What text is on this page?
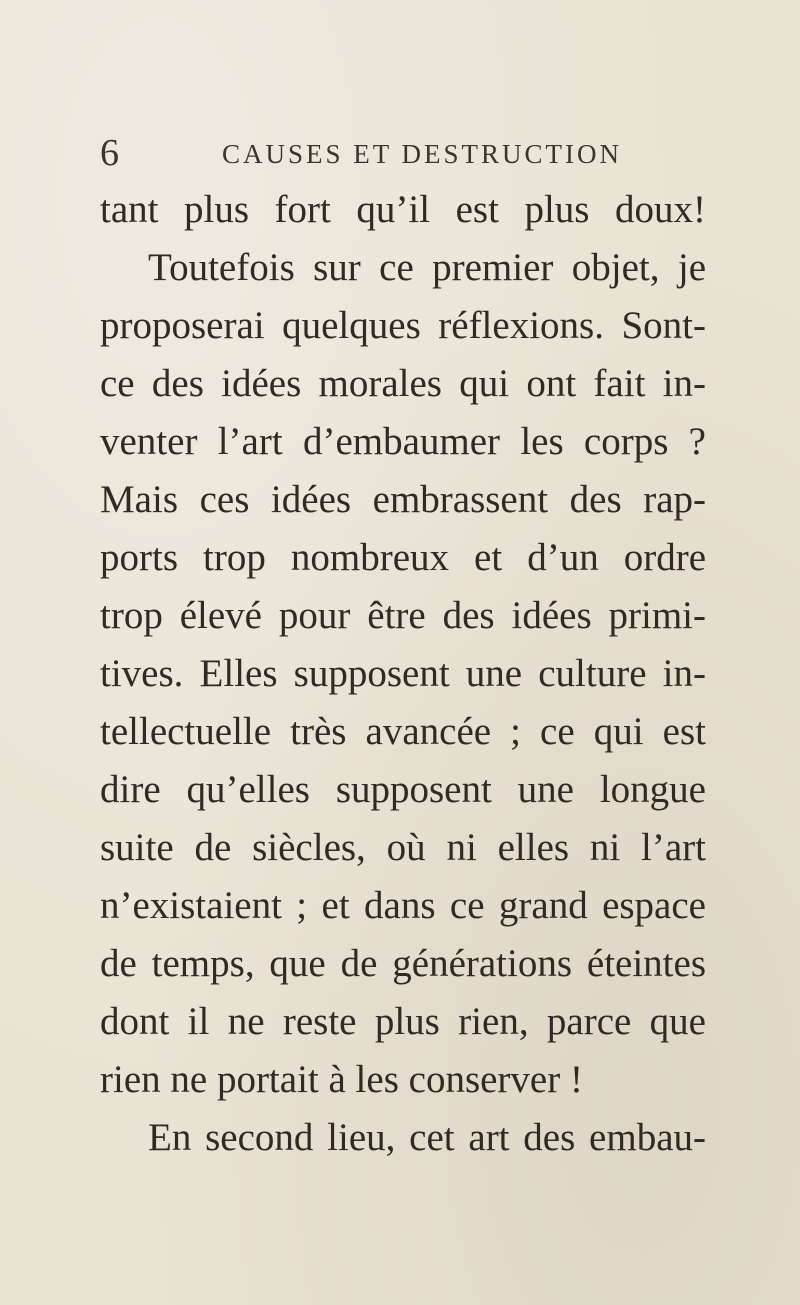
6	CAUSES ET DESTRUCTION
tant plus fort qu’il est plus doux!
Toutefois sur ce premier objet, je
proposerai quelques réflexions. Sont-
ce des idées morales qui ont fait in-
venter l’art d’embaumer les corps ?
Mais ces idées embrassent des rap-
ports trop nombreux et d’un ordre
trop élevé pour être des idées primi-
tives. Elles supposent une culture in-
tellectuelle très avancée ; ce qui est
dire qu’elles supposent une longue
suite de siècles, où ni elles ni l’art
n’existaient ; et dans ce grand espace
de temps, que de générations éteintes
dont il ne reste plus rien, parce que
rien ne portait à les conserver !
En second lieu, cet art des embau-
